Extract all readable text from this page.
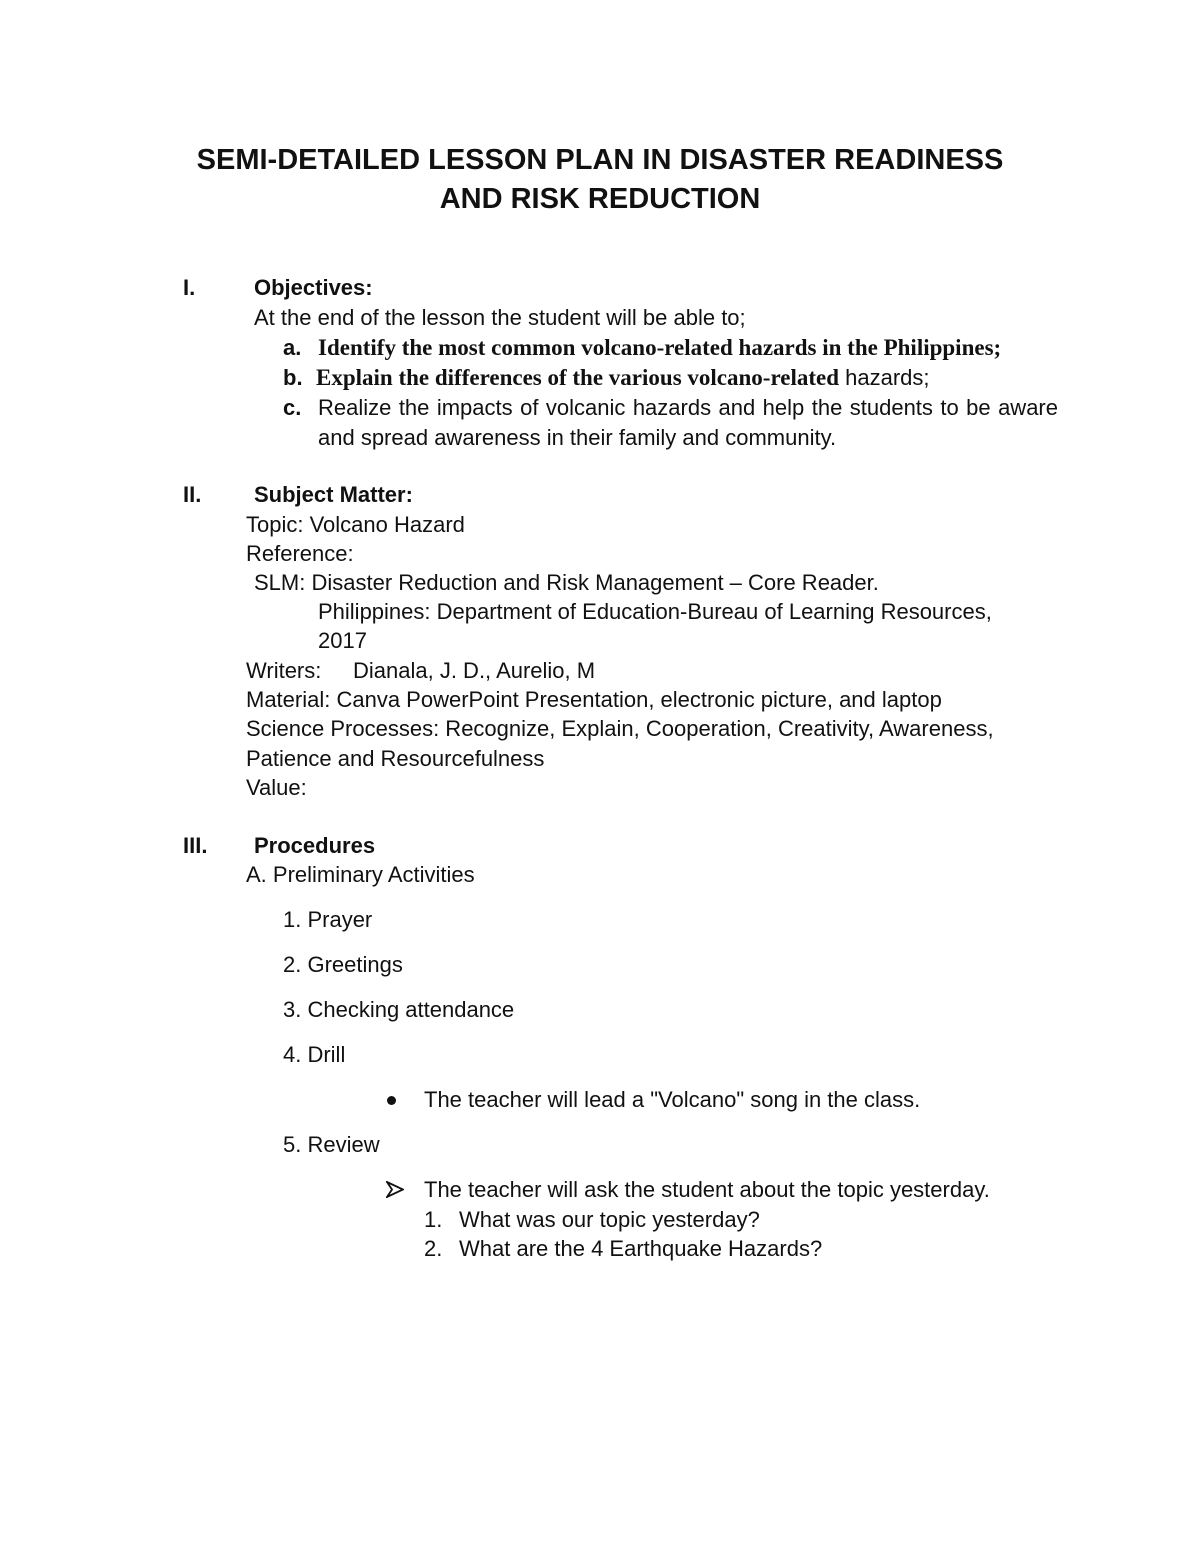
SEMI-DETAILED LESSON PLAN IN DISASTER READINESS
AND RISK REDUCTION
I.	Objectives:
At the end of the lesson the student will be able to;
a. Identify the most common volcano-related hazards in the Philippines;
b. Explain the differences of the various volcano-related hazards;
c. Realize the impacts of volcanic hazards and help the students to be aware and spread awareness in their family and community.
II. Subject Matter:
Topic: Volcano Hazard
Reference:
SLM: Disaster Reduction and Risk Management – Core Reader.
Philippines: Department of Education-Bureau of Learning Resources,
2017
Writers: Dianala, J. D., Aurelio, M
Material: Canva PowerPoint Presentation, electronic picture, and laptop
Science Processes: Recognize, Explain, Cooperation, Creativity, Awareness,
Patience and Resourcefulness
Value:
III. Procedures
A. Preliminary Activities
1. Prayer
2. Greetings
3. Checking attendance
4. Drill
The teacher will lead a "Volcano" song in the class.
5. Review
The teacher will ask the student about the topic yesterday.
1. What was our topic yesterday?
2. What are the 4 Earthquake Hazards?
